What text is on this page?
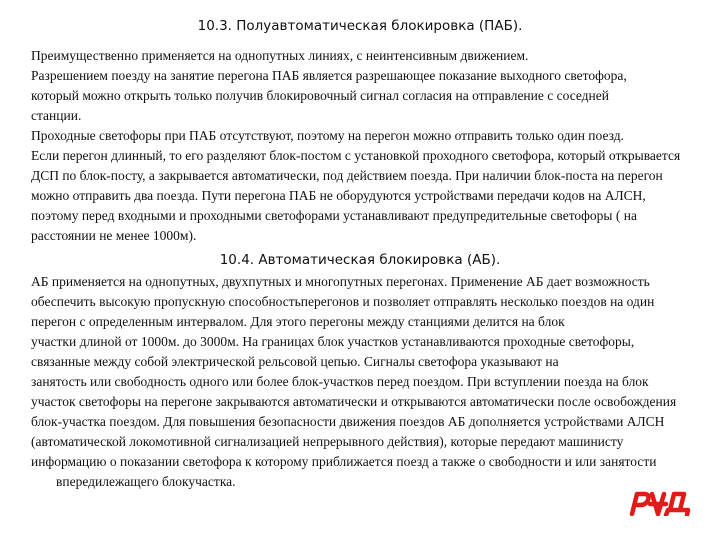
10.3. Полуавтоматическая блокировка (ПАБ).
Преимущественно применяется на однопутных линиях, с неинтенсивным движением.
Разрешением поезду на занятие перегона ПАБ является разрешающее показание выходного светофора,
который можно открыть только получив блокировочный сигнал согласия на отправление с соседней
станции.
Проходные светофоры при ПАБ отсутствуют, поэтому на перегон можно отправить только один поезд.
Если перегон длинный, то его разделяют блок-постом с установкой проходного светофора, который открывается
ДСП по блок-посту, а закрывается автоматически, под действием поезда. При наличии блок-поста на перегон
можно отправить два поезда. Пути перегона ПАБ не оборудуются устройствами передачи кодов на АЛСН,
поэтому перед входными и проходными светофорами устанавливают предупредительные светофоры ( на
расстоянии не менее 1000м).
10.4. Автоматическая блокировка (АБ).
АБ применяется на однопутных, двухпутных и многопутных перегонах. Применение АБ дает возможность
обеспечить высокую пропускную способностьперегонов и позволяет отправлять несколько поездов на один
перегон с определенным интервалом. Для этого перегоны между станциями делится на блок
участки длиной от 1000м. до 3000м. На границах блок участков устанавливаются проходные светофоры,
связанные между собой электрической рельсовой цепью. Сигналы светофора указывают на
занятость или свободность одного или более блок-участков перед поездом. При вступлении поезда на блок
участок светофоры на перегоне закрываются автоматически и открываются автоматически после освобождения
блок-участка поездом. Для повышения безопасности движения поездов АБ дополняется устройствами АЛСН
(автоматической локомотивной сигнализацией непрерывного действия), которые передают машинисту
информацию о показании светофора к которому приближается поезд а также о свободности и или занятости
впередилежащего блокучастка.
